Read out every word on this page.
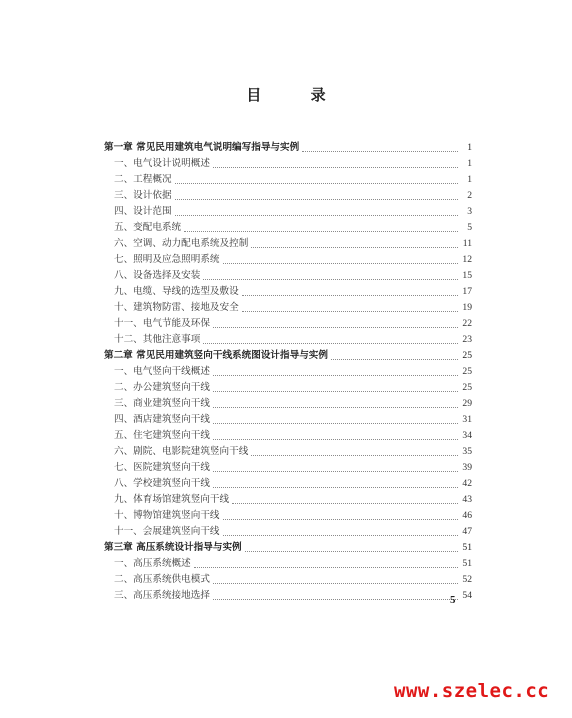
目 录
第一章 常见民用建筑电气说明编写指导与实例	1
一、电气设计说明概述	1
二、工程概况	1
三、设计依据	2
四、设计范围	3
五、变配电系统	5
六、空调、动力配电系统及控制	11
七、照明及应急照明系统	12
八、设备选择及安装	15
九、电缆、导线的选型及敷设	17
十、建筑物防雷、接地及安全	19
十一、电气节能及环保	22
十二、其他注意事项	23
第二章 常见民用建筑竖向干线系统图设计指导与实例	25
一、电气竖向干线概述	25
二、办公建筑竖向干线	25
三、商业建筑竖向干线	29
四、酒店建筑竖向干线	31
五、住宅建筑竖向干线	34
六、剧院、电影院建筑竖向干线	35
七、医院建筑竖向干线	39
八、学校建筑竖向干线	42
九、体育场馆建筑竖向干线	43
十、博物馆建筑竖向干线	46
十一、会展建筑竖向干线	47
第三章 高压系统设计指导与实例	51
一、高压系统概述	51
二、高压系统供电模式	52
三、高压系统接地选择	54
5
www.szelec.cc
